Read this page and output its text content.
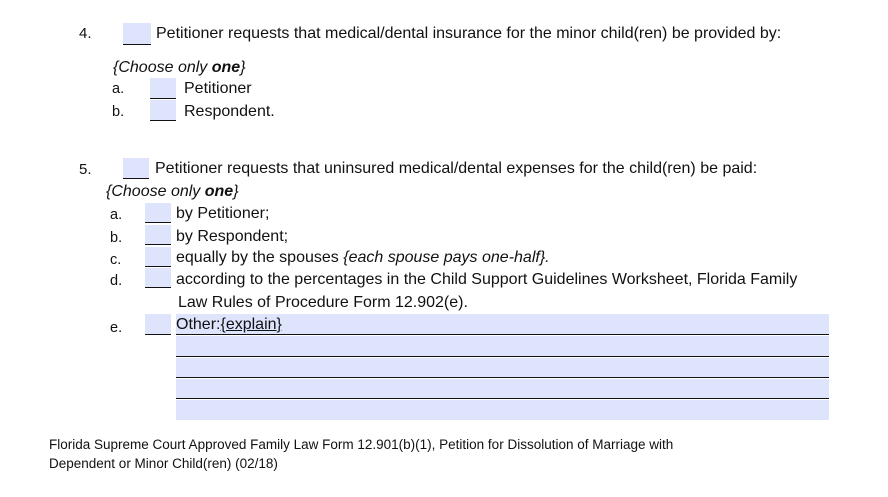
4.	Petitioner requests that medical/dental insurance for the minor child(ren) be provided by:
{Choose only one}
a.	Petitioner
b.	Respondent.
5.	Petitioner requests that uninsured medical/dental expenses for the child(ren) be paid:
{Choose only one}
a.	by Petitioner;
b.	by Respondent;
c.	equally by the spouses {each spouse pays one-half}.
d.	according to the percentages in the Child Support Guidelines Worksheet, Florida Family
Law Rules of Procedure Form 12.902(e).
e.	Other:{explain}
Florida Supreme Court Approved Family Law Form 12.901(b)(1), Petition for Dissolution of Marriage with
Dependent or Minor Child(ren) (02/18)
